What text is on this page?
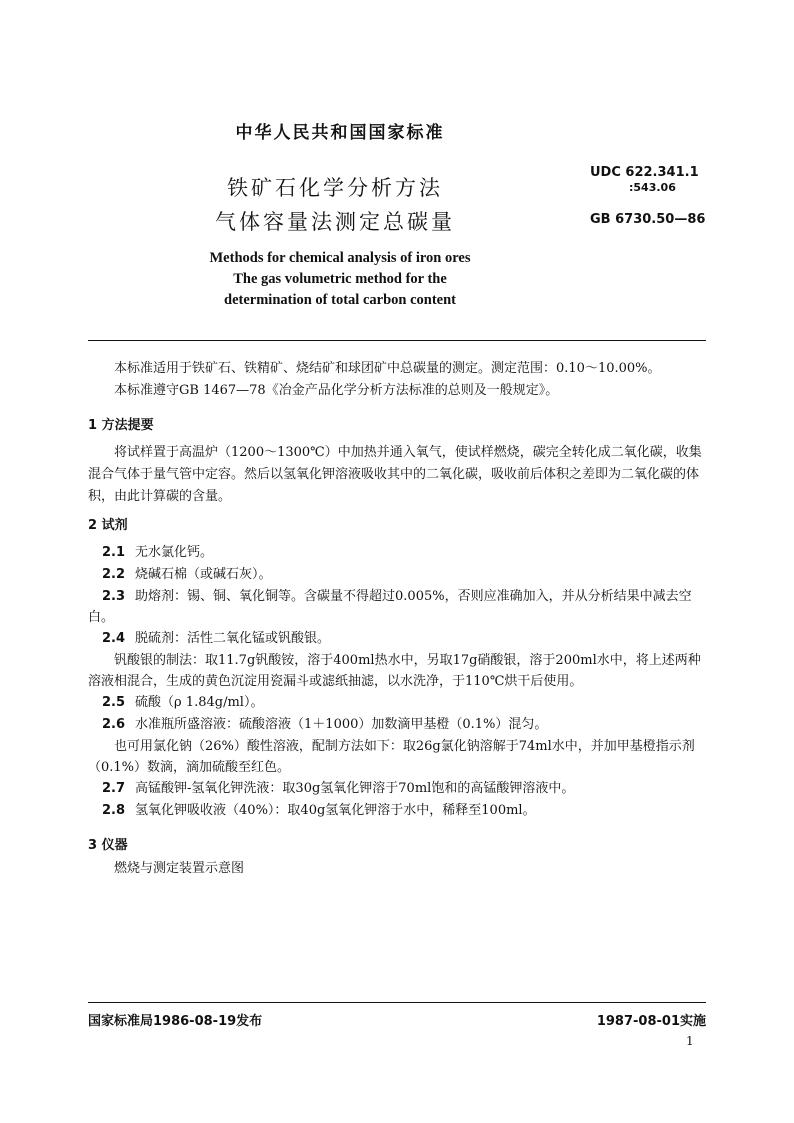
中华人民共和国国家标准
铁矿石化学分析方法
气体容量法测定总碳量
UDC 622.341.1
:543.06
GB 6730.50—86
Methods for chemical analysis of iron ores
The gas volumetric method for the
determination of total carbon content
本标准适用于铁矿石、铁精矿、烧结矿和球团矿中总碳量的测定。测定范围：0.10～10.00%。
本标准遵守GB 1467—78《冶金产品化学分析方法标准的总则及一般规定》。
1 方法提要
将试样置于高温炉（1200～1300℃）中加热并通入氧气，使试样燃烧，碳完全转化成二氧化碳，收集混合气体于量气管中定容。然后以氢氧化钾溶液吸收其中的二氧化碳，吸收前后体积之差即为二氧化碳的体积，由此计算碳的含量。
2 试剂
2.1 无水氯化钙。
2.2 烧碱石棉（或碱石灰）。
2.3 助熔剂：锡、铜、氧化铜等。含碳量不得超过0.005%，否则应准确加入，并从分析结果中减去空白。
2.4 脱硫剂：活性二氧化锰或钒酸银。
钒酸银的制法：取11.7g钒酸铵，溶于400ml热水中，另取17g硝酸银，溶于200ml水中，将上述两种溶液相混合，生成的黄色沉淀用瓷漏斗或滤纸抽滤，以水洗净，于110℃烘干后使用。
2.5 硫酸（ρ 1.84g/ml）。
2.6 水准瓶所盛溶液：硫酸溶液（1＋1000）加数滴甲基橙（0.1%）混匀。
也可用氯化钠（26%）酸性溶液，配制方法如下：取26g氯化钠溶解于74ml水中，并加甲基橙指示剂（0.1%）数滴，滴加硫酸至红色。
2.7 高锰酸钾-氢氧化钾洗液：取30g氢氧化钾溶于70ml饱和的高锰酸钾溶液中。
2.8 氢氧化钾吸收液（40%）：取40g氢氧化钾溶于水中，稀释至100ml。
3 仪器
燃烧与测定装置示意图
国家标准局1986-08-19发布	1987-08-01实施
1
